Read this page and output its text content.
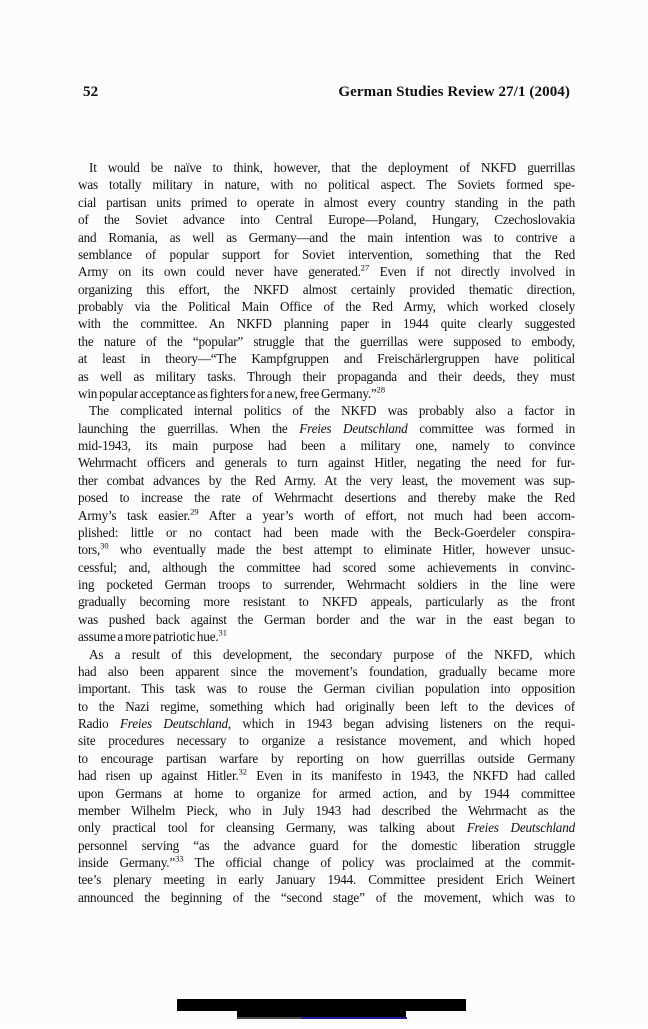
52	German Studies Review 27/1 (2004)
It would be naïve to think, however, that the deployment of NKFD guerrillas
was totally military in nature, with no political aspect. The Soviets formed spe-
cial partisan units primed to operate in almost every country standing in the path
of the Soviet advance into Central Europe—Poland, Hungary, Czechoslovakia
and Romania, as well as Germany—and the main intention was to contrive a
semblance of popular support for Soviet intervention, something that the Red
Army on its own could never have generated.$^{27}$ Even if not directly involved in
organizing this effort, the NKFD almost certainly provided thematic direction,
probably via the Political Main Office of the Red Army, which worked closely
with the committee. An NKFD planning paper in 1944 quite clearly suggested
the nature of the “popular” struggle that the guerrillas were supposed to embody,
at least in theory—“The Kampfgruppen and Freischärlergruppen have political
as well as military tasks. Through their propaganda and their deeds, they must
win popular acceptance as fighters for a new, free Germany.”$^{28}$
The complicated internal politics of the NKFD was probably also a factor in
launching the guerrillas. When the Freies Deutschland committee was formed in
mid-1943, its main purpose had been a military one, namely to convince
Wehrmacht officers and generals to turn against Hitler, negating the need for fur-
ther combat advances by the Red Army. At the very least, the movement was sup-
posed to increase the rate of Wehrmacht desertions and thereby make the Red
Army’s task easier.$^{29}$ After a year’s worth of effort, not much had been accom-
plished: little or no contact had been made with the Beck-Goerdeler conspira-
tors,$^{30}$ who eventually made the best attempt to eliminate Hitler, however unsuc-
cessful; and, although the committee had scored some achievements in convinc-
ing pocketed German troops to surrender, Wehrmacht soldiers in the line were
gradually becoming more resistant to NKFD appeals, particularly as the front
was pushed back against the German border and the war in the east began to
assume a more patriotic hue.$^{31}$
As a result of this development, the secondary purpose of the NKFD, which
had also been apparent since the movement’s foundation, gradually became more
important. This task was to rouse the German civilian population into opposition
to the Nazi regime, something which had originally been left to the devices of
Radio Freies Deutschland, which in 1943 began advising listeners on the requi-
site procedures necessary to organize a resistance movement, and which hoped
to encourage partisan warfare by reporting on how guerrillas outside Germany
had risen up against Hitler.$^{32}$ Even in its manifesto in 1943, the NKFD had called
upon Germans at home to organize for armed action, and by 1944 committee
member Wilhelm Pieck, who in July 1943 had described the Wehrmacht as the
only practical tool for cleansing Germany, was talking about Freies Deutschland
personnel serving “as the advance guard for the domestic liberation struggle
inside Germany.”$^{33}$ The official change of policy was proclaimed at the commit-
tee’s plenary meeting in early January 1944. Committee president Erich Weinert
announced the beginning of the “second stage” of the movement, which was to
